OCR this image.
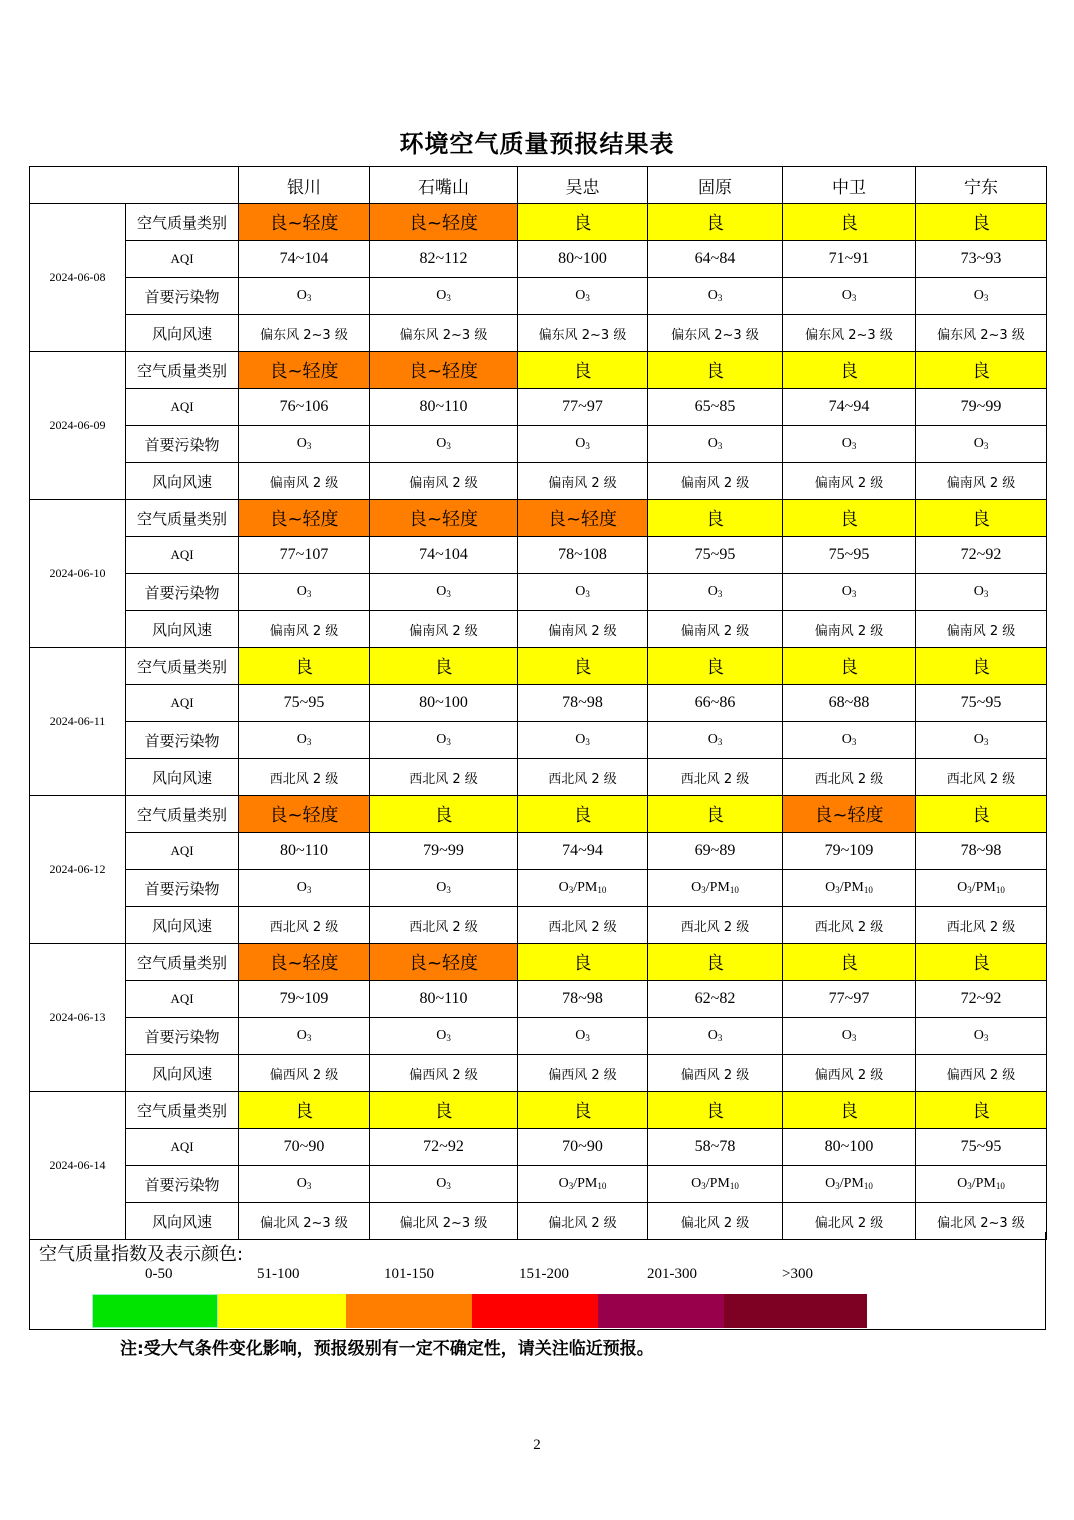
环境空气质量预报结果表
		银川	石嘴山	吴忠	固原	中卫	宁东
2024-06-08	空气质量类别	良~轻度	良~轻度	良	良	良	良
	AQI	74~104	82~112	80~100	64~84	71~91	73~93
	首要污染物	$O_3$	$O_3$	$O_3$	$O_3$	$O_3$	$O_3$
	风向风速	偏东风 2~3 级	偏东风 2~3 级	偏东风 2~3 级	偏东风 2~3 级	偏东风 2~3 级	偏东风 2~3 级
2024-06-09	空气质量类别	良~轻度	良~轻度	良	良	良	良
	AQI	76~106	80~110	77~97	65~85	74~94	79~99
	首要污染物	$O_3$	$O_3$	$O_3$	$O_3$	$O_3$	$O_3$
	风向风速	偏南风 2 级	偏南风 2 级	偏南风 2 级	偏南风 2 级	偏南风 2 级	偏南风 2 级
2024-06-10	空气质量类别	良~轻度	良~轻度	良~轻度	良	良	良
	AQI	77~107	74~104	78~108	75~95	75~95	72~92
	首要污染物	$O_3$	$O_3$	$O_3$	$O_3$	$O_3$	$O_3$
	风向风速	偏南风 2 级	偏南风 2 级	偏南风 2 级	偏南风 2 级	偏南风 2 级	偏南风 2 级
2024-06-11	空气质量类别	良	良	良	良	良	良
	AQI	75~95	80~100	78~98	66~86	68~88	75~95
	首要污染物	$O_3$	$O_3$	$O_3$	$O_3$	$O_3$	$O_3$
	风向风速	西北风 2 级	西北风 2 级	西北风 2 级	西北风 2 级	西北风 2 级	西北风 2 级
2024-06-12	空气质量类别	良~轻度	良	良	良	良~轻度	良
	AQI	80~110	79~99	74~94	69~89	79~109	78~98
	首要污染物	$O_3$	$O_3$	$O_3/PM_{10}$	$O_3/PM_{10}$	$O_3/PM_{10}$	$O_3/PM_{10}$
	风向风速	西北风 2 级	西北风 2 级	西北风 2 级	西北风 2 级	西北风 2 级	西北风 2 级
2024-06-13	空气质量类别	良~轻度	良~轻度	良	良	良	良
	AQI	79~109	80~110	78~98	62~82	77~97	72~92
	首要污染物	$O_3$	$O_3$	$O_3$	$O_3$	$O_3$	$O_3$
	风向风速	偏西风 2 级	偏西风 2 级	偏西风 2 级	偏西风 2 级	偏西风 2 级	偏西风 2 级
2024-06-14	空气质量类别	良	良	良	良	良	良
	AQI	70~90	72~92	70~90	58~78	80~100	75~95
	首要污染物	$O_3$	$O_3$	$O_3/PM_{10}$	$O_3/PM_{10}$	$O_3/PM_{10}$	$O_3/PM_{10}$
	风向风速	偏北风 2~3 级	偏北风 2~3 级	偏北风 2 级	偏北风 2 级	偏北风 2 级	偏北风 2~3 级
空气质量指数及表示颜色:
0-50	51-100	101-150	151-200	201-300	>300
注:受大气条件变化影响，预报级别有一定不确定性，请关注临近预报。
2
